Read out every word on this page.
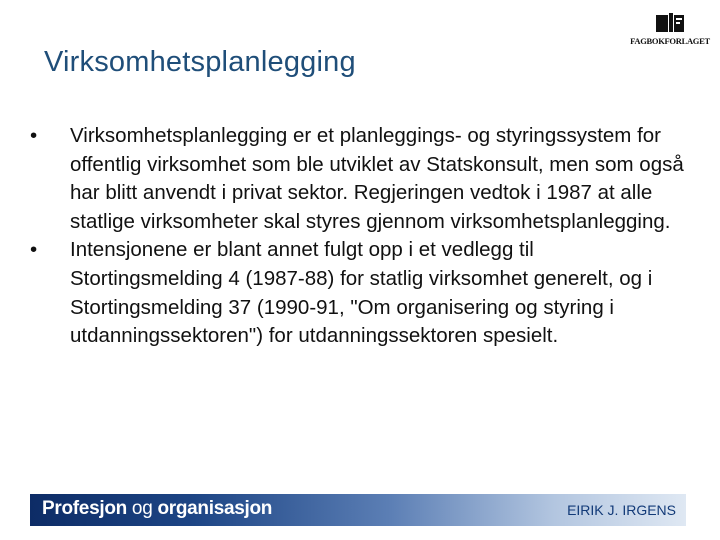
Virksomhetsplanlegging
FAGBOKFORLAGET
•	Virksomhetsplanlegging er et planleggings- og styringssystem for offentlig virksomhet som ble utviklet av Statskonsult, men som også har blitt anvendt i privat sektor. Regjeringen vedtok i 1987 at alle statlige virksomheter skal styres gjennom virksomhetsplanlegging.
•	Intensjonene er blant annet fulgt opp i et vedlegg til Stortingsmelding 4 (1987-88) for statlig virksomhet generelt, og i Stortingsmelding 37 (1990-91, "Om organisering og styring i utdanningssektoren") for utdanningssektoren spesielt.
Profesjon og organisasjon	EIRIK J. IRGENS
